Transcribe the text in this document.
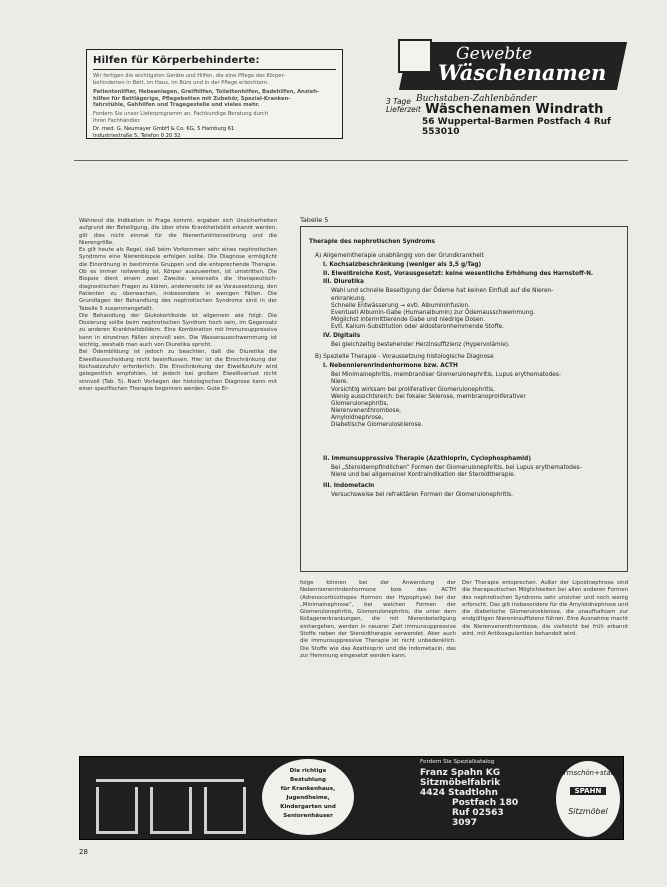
Hilfen für Körperbehinderte:

Wir fertigen die wichtigsten Geräte und Hilfen, die eine Pflege des Körper-

behinderten in Bett, im Haus, im Büro und in der Pflege erleichtern.

Patientenlifter, Hebeanlagen, Greifhilfen, Toilettenhilfen, Badehilfen, Anzieh-

hilfen für Bettlägerige, Pflegebetten mit Zubehör, Spezial-Kranken-

fahrstühle, Gehhilfen und Tragegestelle und vieles mehr.

Fordern Sie unser Lieferprogramm an. Fachkundige Beratung durch

Ihren Fachhändler.

Dr. med. G. Neumayer GmbH & Co. KG, 5 Hamburg 61

Industriestraße 5, Telefon 0 20 32

Gewebte
Wäschenamen
Buchstaben-Zahlenbänder
3 Tage Lieferzeit Wäschenamen Windrath
56 Wuppertal-Barmen Postfach 4 Ruf 553010

Während die Indikation in Frage kommt, ergaben sich Unsicherheiten aufgrund der Beteiligung, die über ohne Krankheitsbild erkannt werden, gilt dies nicht einmal für die Nierenfunktionsstörung und die Nierengröße.

Es gilt heute als Regel, daß beim Vorkommen sehr eines nephrotischen Syndroms eine Nierenbiopsie erfolgen sollte. Die Diagnose ermöglicht die Einordnung in bestimmte Gruppen und die entsprechende Therapie. Ob es immer notwendig ist, Körper auszuwerten, ist umstritten. Die Biopsie dient einem zwei Zwecke: einerseits die therapeutisch-diagnostischen Fragen zu klären, andererseits ist es Voraussetzung, den Patienten zu überwachen, insbesondere in wenigen Fällen. Die Grundlagen der Behandlung des nephrotischen Syndroms sind in der Tabelle 5 zusammengefaßt.

Die Behandlung der Glukokortikoide ist allgemein wie folgt: Die Dosierung sollte beim nephrotischen Syndrom hoch sein, im Gegensatz zu anderen Krankheitsbildern. Eine Kombination mit Immunsuppressiva kann in einzelnen Fällen sinnvoll sein. Die Wasserausschwemmung ist wichtig, weshalb man auch von Diuretika spricht.

Bei Ödembildung ist jedoch zu beachten, daß die Diuretika die Eiweißausscheidung nicht beeinflussen. Hier ist die Einschränkung der Kochsalzzufuhr erforderlich. Die Einschränkung der Eiweißzufuhr wird gelegentlich empfohlen, ist jedoch bei großem Eiweißverlust nicht sinnvoll (Tab. 5). Nach Vorliegen der histologischen Diagnose kann mit einer spezifischen Therapie begonnen werden. Gute Er-

Tabelle 5
Therapie des nephrotischen Syndroms
A) Allgemeintherapie unabhängig von der Grundkrankheit
I. Kochsalzbeschränkung (weniger als 3,5 g/Tag)
II. Eiweißreiche Kost, Vorausgesetzt: keine wesentliche Erhöhung des Harnstoff-N.
III. Diuretika
Wahl und schnelle Beseitigung der Ödeme hat keinen Einfluß auf die Nieren-
erkrankung.
Schnelle Entwässerung → evtl. Albumininfusion.
Eventuell Albumin-Gabe (Humanalbumin) zur Ödemausschwemmung.
Möglichst intermittierende Gabe und niedrige Dosen.
Evtl. Kalium-Substitution oder aldosteronhemmende Stoffe.
IV. Digitalis
Bei gleichzeitig bestehender Herzinsuffizienz (Hypervolämie).
B) Spezielle Therapie - Voraussetzung histologische Diagnose
I. Nebennierenrindenhormone bzw. ACTH
Bei Minimalnephritis, membranöser Glomerulonephritis, Lupus erythematodes-
Niere.
Vorsichtig wirksam bei proliferativer Glomerulonephritis.
Wenig aussichtsreich: bei fokaler Sklerose, membranoproliferativer
Glomerulonephritis,
Nierenvenenthrombose,
Amyloidnephrose,
Diabetische Glomerulosklerose.
II. Immunsuppressive Therapie (Azathioprin, Cyclophosphamid)
Bei „Steroidempfindlichen“ Formen der Glomerulonephritis, bei Lupus erythematodes-
Niere und bei allgemeiner Kontraindikation der Steroidtherapie.
III. Indometacin
Versuchsweise bei refraktären Formen der Glomerulonephritis.

folge können bei der Anwendung der Nebennierenrindenhormone bzw. des ACTH (Adrenocorticotropes Hormon der Hypophyse) bei der „Minimalnephrose“, bei welchen Formen der Glomerulonephritis, Glomerulonephritis, die unter dem Kollagenerkrankungen, die mit Nierenbeteiligung einhergehen, werden in neuerer Zeit immunsuppressive Stoffe neben der Steroidtherapie verwendet. Aber auch die immunsuppressive Therapie ist nicht unbedenklich. Die Stoffe wie das Azathioprin und die Indometacin, das zur Hemmung eingesetzt werden kann.

Der Therapie entsprechen. Außer der Lipoidnephrose sind die therapeutischen Möglichkeiten bei allen anderen Formen des nephrotischen Syndroms sehr unsicher und noch wenig erforscht. Das gilt insbesondere für die Amyloidnephrose und die diabetische Glomerulosklerose, die unaufhaltsam zur endgültigen Niereninsuffizienz führen. Eine Ausnahme macht die Nierenvenenthrombose, die vielleicht bei früh erkannt wird, mit Antikoagulantien behandelt wird.

Die richtige
Bestuhlung
für Krankenhaus,
Jugendheime,
Kindergarten und
Seniorenhäuser
Fordern Sie Spezialkatalog
Franz Spahn KG
Sitzmöbelfabrik
4424 Stadtlohn
Postfach 180
Ruf 02563
3097
formschön+stabil
SPAHN
Sitzmöbel
28
